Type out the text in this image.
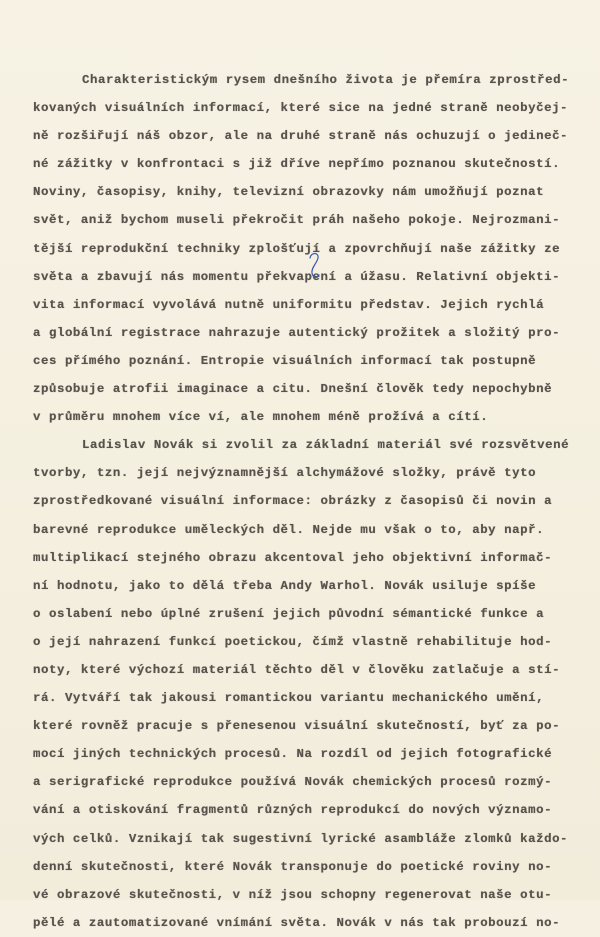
Charakteristickým rysem dnešního života je přemíra zprostřed-
kovaných visuálních informací, které sice na jedné straně neobyčej-
ně rozšiřují náš obzor, ale na druhé straně nás ochuzují o jedineč-
né zážitky v konfrontaci s již dříve nepřímo poznanou skutečností.
Noviny, časopisy, knihy, televizní obrazovky nám umožňují poznat
svět, aniž bychom museli překročit práh našeho pokoje. Nejrozmani-
tější reprodukční techniky zplošťují a zpovrchňují naše zážitky ze
světa a zbavují nás momentu překvapení a úžasu. Relativní objekti-
vita informací vyvolává nutně uniformitu představ. Jejich rychlá
a globální registrace nahrazuje autentický prožitek a složitý pro-
ces přímého poznání. Entropie visuálních informací tak postupně
způsobuje atrofii imaginace a citu. Dnešní člověk tedy nepochybně
v průměru mnohem více ví, ale mnohem méně prožívá a cítí.
Ladislav Novák si zvolil za základní materiál své rozsvětvené
tvorby, tzn. její nejvýznamnější alchymážové složky, právě tyto
zprostředkované visuální informace: obrázky z časopisů či novin a
barevné reprodukce uměleckých děl. Nejde mu však o to, aby např.
multiplikací stejného obrazu akcentoval jeho objektivní informač-
ní hodnotu, jako to dělá třeba Andy Warhol. Novák usiluje spíše
o oslabení nebo úplné zrušení jejich původní sémantické funkce a
o její nahrazení funkcí poetickou, čímž vlastně rehabilituje hod-
noty, které výchozí materiál těchto děl v člověku zatlačuje a stí-
rá. Vytváří tak jakousi romantickou variantu mechanického umění,
které rovněž pracuje s přenesenou visuální skutečností, byť za po-
mocí jiných technických procesů. Na rozdíl od jejich fotografické
a serigrafické reprodukce používá Novák chemických procesů rozmý-
vání a otiskování fragmentů různých reprodukcí do nových významo-
vých celků. Vznikají tak sugestivní lyrické asambláže zlomků každo-
denní skutečnosti, které Novák transponuje do poetické roviny no-
vé obrazové skutečnosti, v níž jsou schopny regenerovat naše otu-
pělé a zautomatizované vnímání světa. Novák v nás tak probouzí no-
